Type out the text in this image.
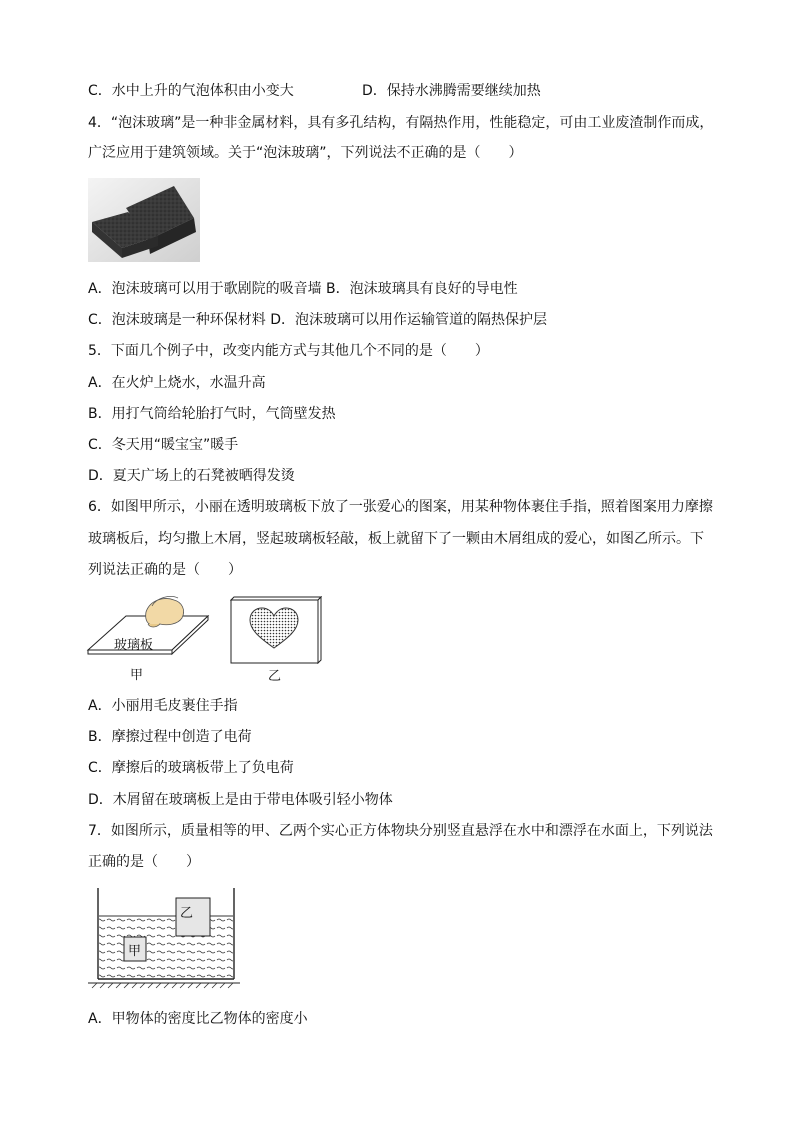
C．水中上升的气泡体积由小变大	D．保持水沸腾需要继续加热
4．“泡沫玻璃”是一种非金属材料，具有多孔结构，有隔热作用，性能稳定，可由工业废渣制作而成，
广泛应用于建筑领域。关于“泡沫玻璃”，下列说法不正确的是（　　）
A．泡沫玻璃可以用于歌剧院的吸音墙 B．泡沫玻璃具有良好的导电性
C．泡沫玻璃是一种环保材料 D．泡沫玻璃可以用作运输管道的隔热保护层
5．下面几个例子中，改变内能方式与其他几个不同的是（　　）
A．在火炉上烧水，水温升高
B．用打气筒给轮胎打气时，气筒壁发热
C．冬天用“暖宝宝”暖手
D．夏天广场上的石凳被晒得发烫
6．如图甲所示，小丽在透明玻璃板下放了一张爱心的图案，用某种物体裹住手指，照着图案用力摩擦
玻璃板后，均匀撒上木屑，竖起玻璃板轻敲，板上就留下了一颗由木屑组成的爱心，如图乙所示。下
列说法正确的是（　　）
玻璃板
甲	乙
A．小丽用毛皮裹住手指
B．摩擦过程中创造了电荷
C．摩擦后的玻璃板带上了负电荷
D．木屑留在玻璃板上是由于带电体吸引轻小物体
7．如图所示，质量相等的甲、乙两个实心正方体物块分别竖直悬浮在水中和漂浮在水面上，下列说法
正确的是（　　）
乙
甲
A．甲物体的密度比乙物体的密度小
